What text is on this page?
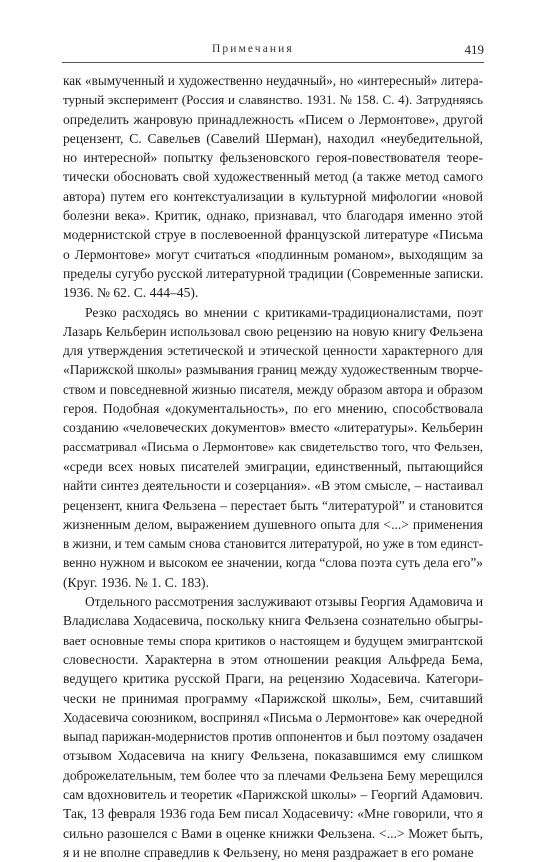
Примечания	419
как «вымученный и художественно неудачный», но «интересный» литера-
турный эксперимент (Россия и славянство. 1931. № 158. С. 4). Затрудняясь
определить жанровую принадлежность «Писем о Лермонтове», другой
рецензент, С. Савельев (Савелий Шерман), находил «неубедительной,
но интересной» попытку фельзеновского героя-повествователя теоре-
тически обосновать свой художественный метод (а также метод самого
автора) путем его контекстуализации в культурной мифологии «новой
болезни века». Критик, однако, признавал, что благодаря именно этой
модернистской струе в послевоенной французской литературе «Письма
о Лермонтове» могут считаться «подлинным романом», выходящим за
пределы сугубо русской литературной традиции (Современные записки.
1936. № 62. С. 444–45).
Резко расходясь во мнении с критиками-традиционалистами, поэт
Лазарь Кельберин использовал свою рецензию на новую книгу Фельзена
для утверждения эстетической и этической ценности характерного для
«Парижской школы» размывания границ между художественным творче-
ством и повседневной жизнью писателя, между образом автора и образом
героя. Подобная «документальность», по его мнению, способствовала
созданию «человеческих документов» вместо «литературы». Кельберин
рассматривал «Письма о Лермонтове» как свидетельство того, что Фельзен,
«среди всех новых писателей эмиграции, единственный, пытающийся
найти синтез деятельности и созерцания». «В этом смысле, – настаивал
рецензент, книга Фельзена – перестает быть “литературой” и становится
жизненным делом, выражением душевного опыта для <...> применения
в жизни, и тем самым снова становится литературой, но уже в том единст-
венно нужном и высоком ее значении, когда “слова поэта суть дела его”»
(Круг. 1936. № 1. С. 183).
Отдельного рассмотрения заслуживают отзывы Георгия Адамовича и
Владислава Ходасевича, поскольку книга Фельзена сознательно обыгры-
вает основные темы спора критиков о настоящем и будущем эмигрантской
словесности. Характерна в этом отношении реакция Альфреда Бема,
ведущего критика русской Праги, на рецензию Ходасевича. Категори-
чески не принимая программу «Парижской школы», Бем, считавший
Ходасевича союзником, воспринял «Письма о Лермонтове» как очередной
выпад парижан-модернистов против оппонентов и был поэтому озадачен
отзывом Ходасевича на книгу Фельзена, показавшимся ему слишком
доброжелательным, тем более что за плечами Фельзена Бему мерещился
сам вдохновитель и теоретик «Парижской школы» – Георгий Адамович.
Так, 13 февраля 1936 года Бем писал Ходасевичу: «Мне говорили, что я
сильно разошелся с Вами в оценке книжки Фельзена. <...> Может быть,
я и не вполне справедлив к Фельзену, но меня раздражает в его романе
